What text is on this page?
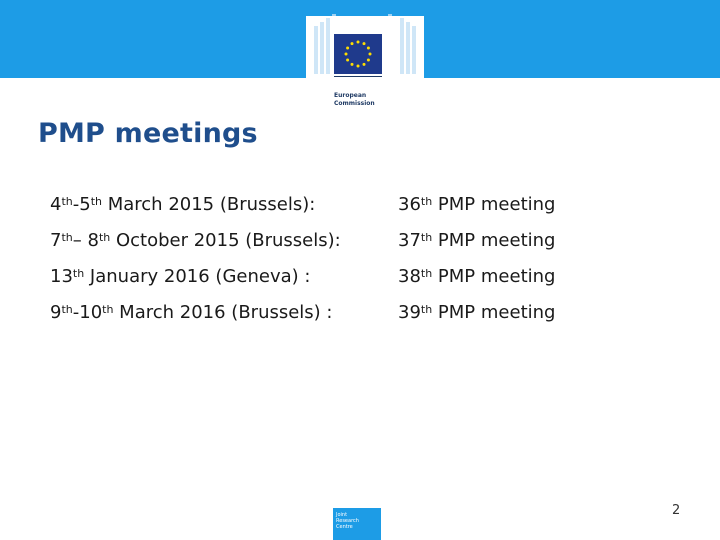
European
Commission
PMP meetings
4th-5th March 2015 (Brussels):	36th PMP meeting
7th– 8th October 2015 (Brussels):	37th PMP meeting
13th January 2016 (Geneva) :	38th PMP meeting
9th-10th March 2016 (Brussels) :	39th PMP meeting
Joint
Research
Centre
2
